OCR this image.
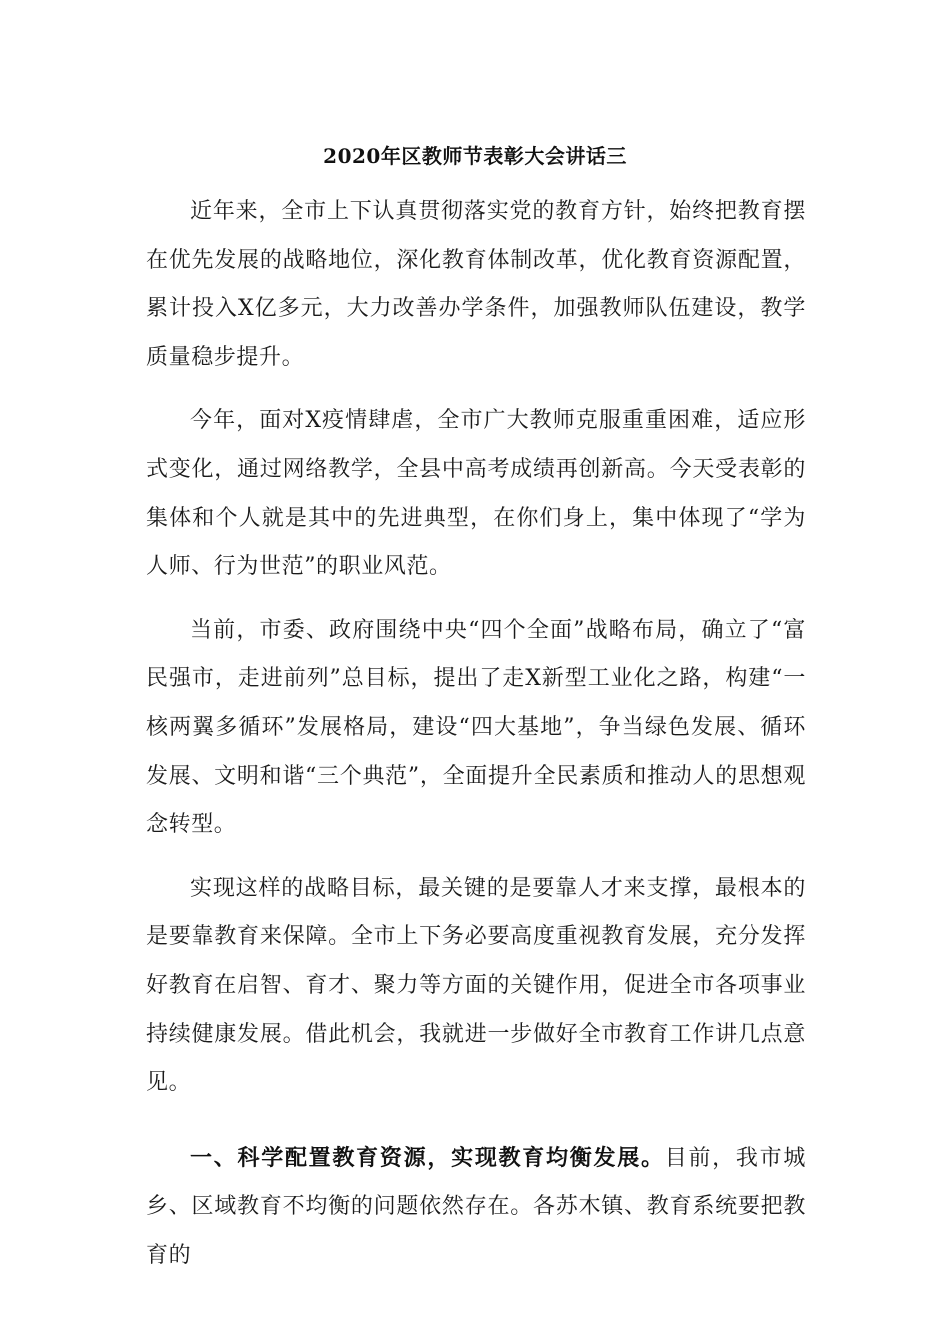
2020年区教师节表彰大会讲话三

近年来，全市上下认真贯彻落实党的教育方针，始终把教育摆在优先发展的战略地位，深化教育体制改革，优化教育资源配置，累计投入X亿多元，大力改善办学条件，加强教师队伍建设，教学质量稳步提升。

今年，面对X疫情肆虐，全市广大教师克服重重困难，适应形式变化，通过网络教学，全县中高考成绩再创新高。今天受表彰的集体和个人就是其中的先进典型，在你们身上，集中体现了“学为人师、行为世范”的职业风范。

当前，市委、政府围绕中央“四个全面”战略布局，确立了“富民强市，走进前列”总目标，提出了走X新型工业化之路，构建“一核两翼多循环”发展格局，建设“四大基地”，争当绿色发展、循环发展、文明和谐“三个典范”，全面提升全民素质和推动人的思想观念转型。

实现这样的战略目标，最关键的是要靠人才来支撑，最根本的是要靠教育来保障。全市上下务必要高度重视教育发展，充分发挥好教育在启智、育才、聚力等方面的关键作用，促进全市各项事业持续健康发展。借此机会，我就进一步做好全市教育工作讲几点意见。

一、科学配置教育资源，实现教育均衡发展。目前，我市城乡、区域教育不均衡的问题依然存在。各苏木镇、教育系统要把教育的
